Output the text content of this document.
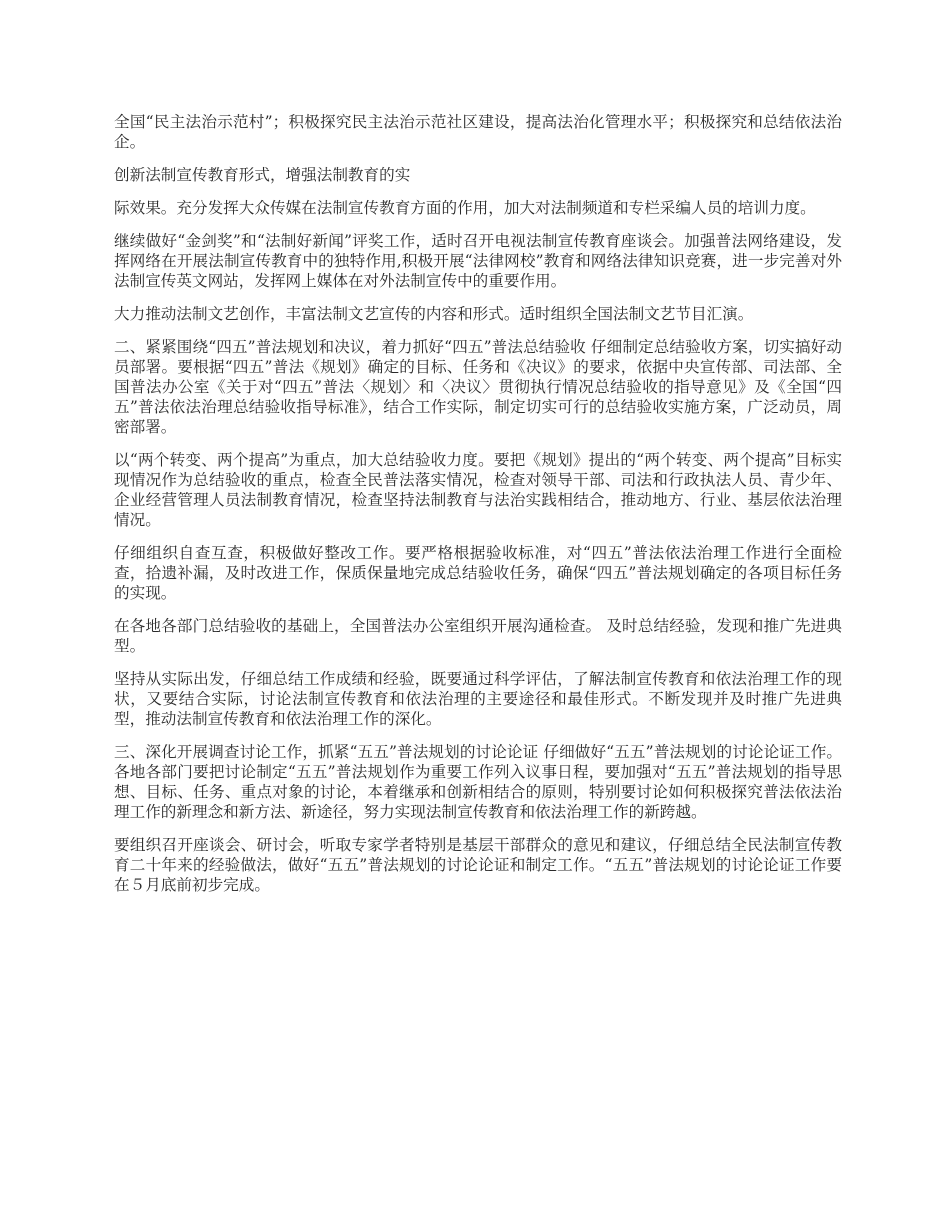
全国“民主法治示范村”；积极探究民主法治示范社区建设，提高法治化管理水平；积极探究和总结依法治企。

创新法制宣传教育形式，增强法制教育的实

际效果。充分发挥大众传媒在法制宣传教育方面的作用，加大对法制频道和专栏采编人员的培训力度。

继续做好“金剑奖”和“法制好新闻”评奖工作，适时召开电视法制宣传教育座谈会。加强普法网络建设，发挥网络在开展法制宣传教育中的独特作用,积极开展“法律网校”教育和网络法律知识竞赛，进一步完善对外法制宣传英文网站，发挥网上媒体在对外法制宣传中的重要作用。

大力推动法制文艺创作，丰富法制文艺宣传的内容和形式。适时组织全国法制文艺节目汇演。

二、紧紧围绕“四五”普法规划和决议，着力抓好“四五”普法总结验收 仔细制定总结验收方案，切实搞好动员部署。要根据“四五”普法《规划》确定的目标、任务和《决议》的要求，依据中央宣传部、司法部、全国普法办公室《关于对“四五”普法〈规划〉和〈决议〉贯彻执行情况总结验收的指导意见》及《全国“四五”普法依法治理总结验收指导标准》，结合工作实际，制定切实可行的总结验收实施方案，广泛动员，周密部署。

以“两个转变、两个提高”为重点，加大总结验收力度。要把《规划》提出的“两个转变、两个提高”目标实现情况作为总结验收的重点，检查全民普法落实情况，检查对领导干部、司法和行政执法人员、青少年、企业经营管理人员法制教育情况，检查坚持法制教育与法治实践相结合，推动地方、行业、基层依法治理情况。

仔细组织自查互查，积极做好整改工作。要严格根据验收标准，对“四五”普法依法治理工作进行全面检查，拾遗补漏，及时改进工作，保质保量地完成总结验收任务，确保“四五”普法规划确定的各项目标任务的实现。

在各地各部门总结验收的基础上，全国普法办公室组织开展沟通检查。 及时总结经验，发现和推广先进典型。

坚持从实际出发，仔细总结工作成绩和经验，既要通过科学评估，了解法制宣传教育和依法治理工作的现状，又要结合实际，讨论法制宣传教育和依法治理的主要途径和最佳形式。不断发现并及时推广先进典型，推动法制宣传教育和依法治理工作的深化。

三、深化开展调查讨论工作，抓紧“五五”普法规划的讨论论证 仔细做好“五五”普法规划的讨论论证工作。各地各部门要把讨论制定“五五”普法规划作为重要工作列入议事日程，要加强对“五五”普法规划的指导思想、目标、任务、重点对象的讨论，本着继承和创新相结合的原则，特别要讨论如何积极探究普法依法治理工作的新理念和新方法、新途径，努力实现法制宣传教育和依法治理工作的新跨越。

要组织召开座谈会、研讨会，听取专家学者特别是基层干部群众的意见和建议，仔细总结全民法制宣传教育二十年来的经验做法，做好“五五”普法规划的讨论论证和制定工作。“五五”普法规划的讨论论证工作要在５月底前初步完成。
